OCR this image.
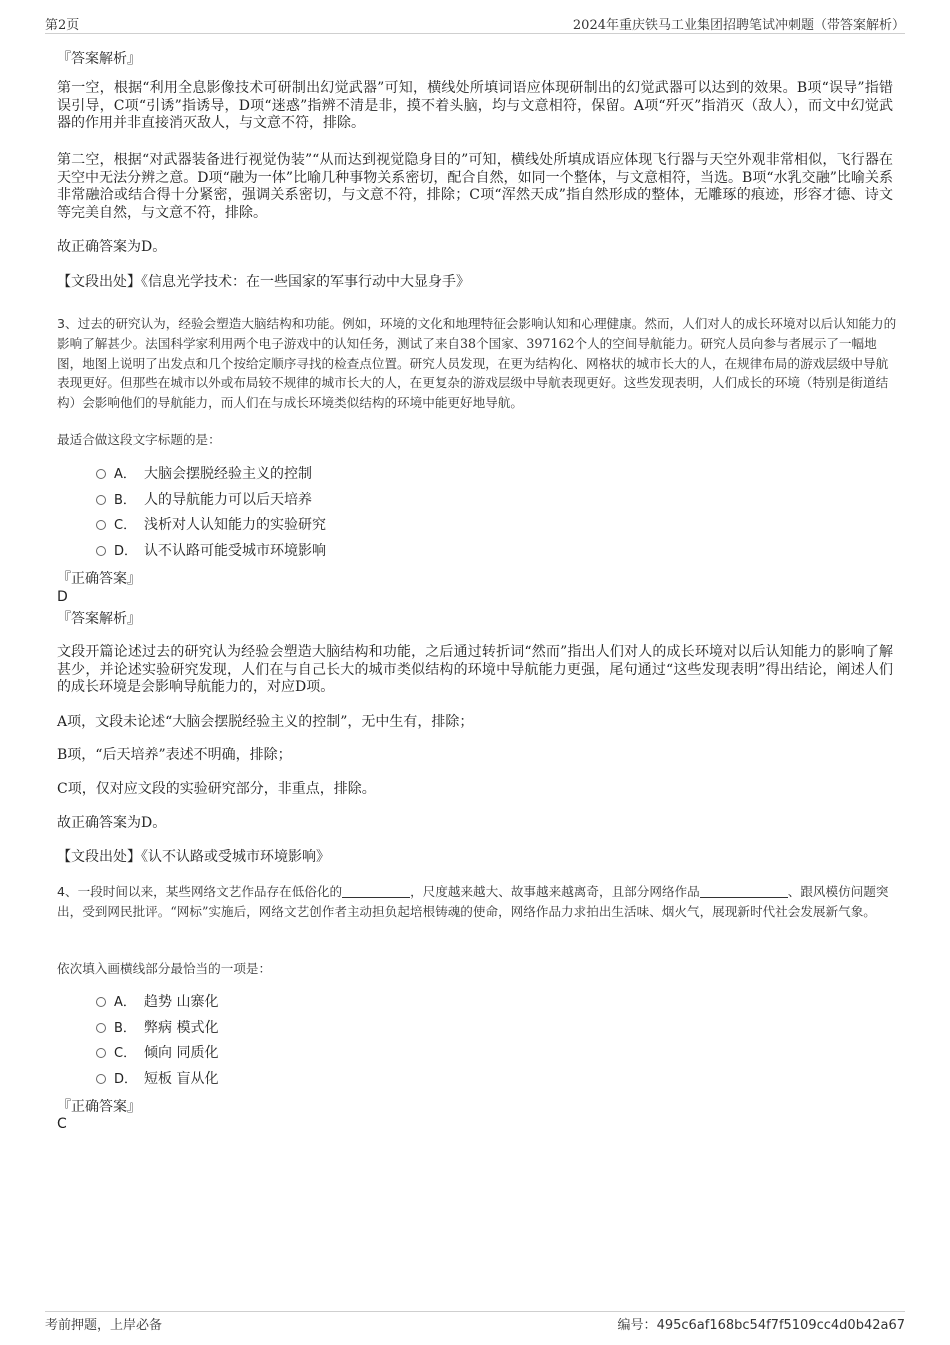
第2页	2024年重庆铁马工业集团招聘笔试冲刺题（带答案解析）
『答案解析』
第一空，根据“利用全息影像技术可研制出幻觉武器”可知，横线处所填词语应体现研制出的幻觉武器可以达到的效果。B项“误导”指错误引导，C项“引诱”指诱导，D项“迷惑”指辨不清是非，摸不着头脑，均与文意相符，保留。A项“歼灭”指消灭（敌人），而文中幻觉武器的作用并非直接消灭敌人，与文意不符，排除。
第二空，根据“对武器装备进行视觉伪装”“从而达到视觉隐身目的”可知，横线处所填成语应体现飞行器与天空外观非常相似，飞行器在天空中无法分辨之意。D项“融为一体”比喻几种事物关系密切，配合自然，如同一个整体，与文意相符，当选。B项“水乳交融”比喻关系非常融洽或结合得十分紧密，强调关系密切，与文意不符，排除；C项“浑然天成”指自然形成的整体，无雕琢的痕迹，形容才德、诗文等完美自然，与文意不符，排除。
故正确答案为D。
【文段出处】《信息光学技术：在一些国家的军事行动中大显身手》
3、过去的研究认为，经验会塑造大脑结构和功能。例如，环境的文化和地理特征会影响认知和心理健康。然而，人们对人的成长环境对以后认知能力的影响了解甚少。法国科学家利用两个电子游戏中的认知任务，测试了来自38个国家、397162个人的空间导航能力。研究人员向参与者展示了一幅地图，地图上说明了出发点和几个按给定顺序寻找的检查点位置。研究人员发现，在更为结构化、网格状的城市长大的人，在规律布局的游戏层级中导航表现更好。但那些在城市以外或布局较不规律的城市长大的人，在更复杂的游戏层级中导航表现更好。这些发现表明，人们成长的环境（特别是街道结构）会影响他们的导航能力，而人们在与成长环境类似结构的环境中能更好地导航。
最适合做这段文字标题的是：
A． 大脑会摆脱经验主义的控制
B． 人的导航能力可以后天培养
C． 浅析对人认知能力的实验研究
D． 认不认路可能受城市环境影响
『正确答案』
D
『答案解析』
文段开篇论述过去的研究认为经验会塑造大脑结构和功能，之后通过转折词“然而”指出人们对人的成长环境对以后认知能力的影响了解甚少，并论述实验研究发现，人们在与自己长大的城市类似结构的环境中导航能力更强，尾句通过“这些发现表明”得出结论，阐述人们的成长环境是会影响导航能力的，对应D项。
A项，文段未论述“大脑会摆脱经验主义的控制”，无中生有，排除；
B项，“后天培养”表述不明确，排除；
C项，仅对应文段的实验研究部分，非重点，排除。
故正确答案为D。
【文段出处】《认不认路或受城市环境影响》
4、一段时间以来，某些网络文艺作品存在低俗化的	，尺度越来越大、故事越来越离奇，且部分网络作品	、跟风模仿问题突出，受到网民批评。“网标”实施后，网络文艺创作者主动担负起培根铸魂的使命，网络作品力求拍出生活味、烟火气，展现新时代社会发展新气象。
依次填入画横线部分最恰当的一项是：
A． 趋势 山寨化
B． 弊病 模式化
C． 倾向 同质化
D． 短板 盲从化
『正确答案』
C
考前押题，上岸必备	编号：495c6af168bc54f7f5109cc4d0b42a67
